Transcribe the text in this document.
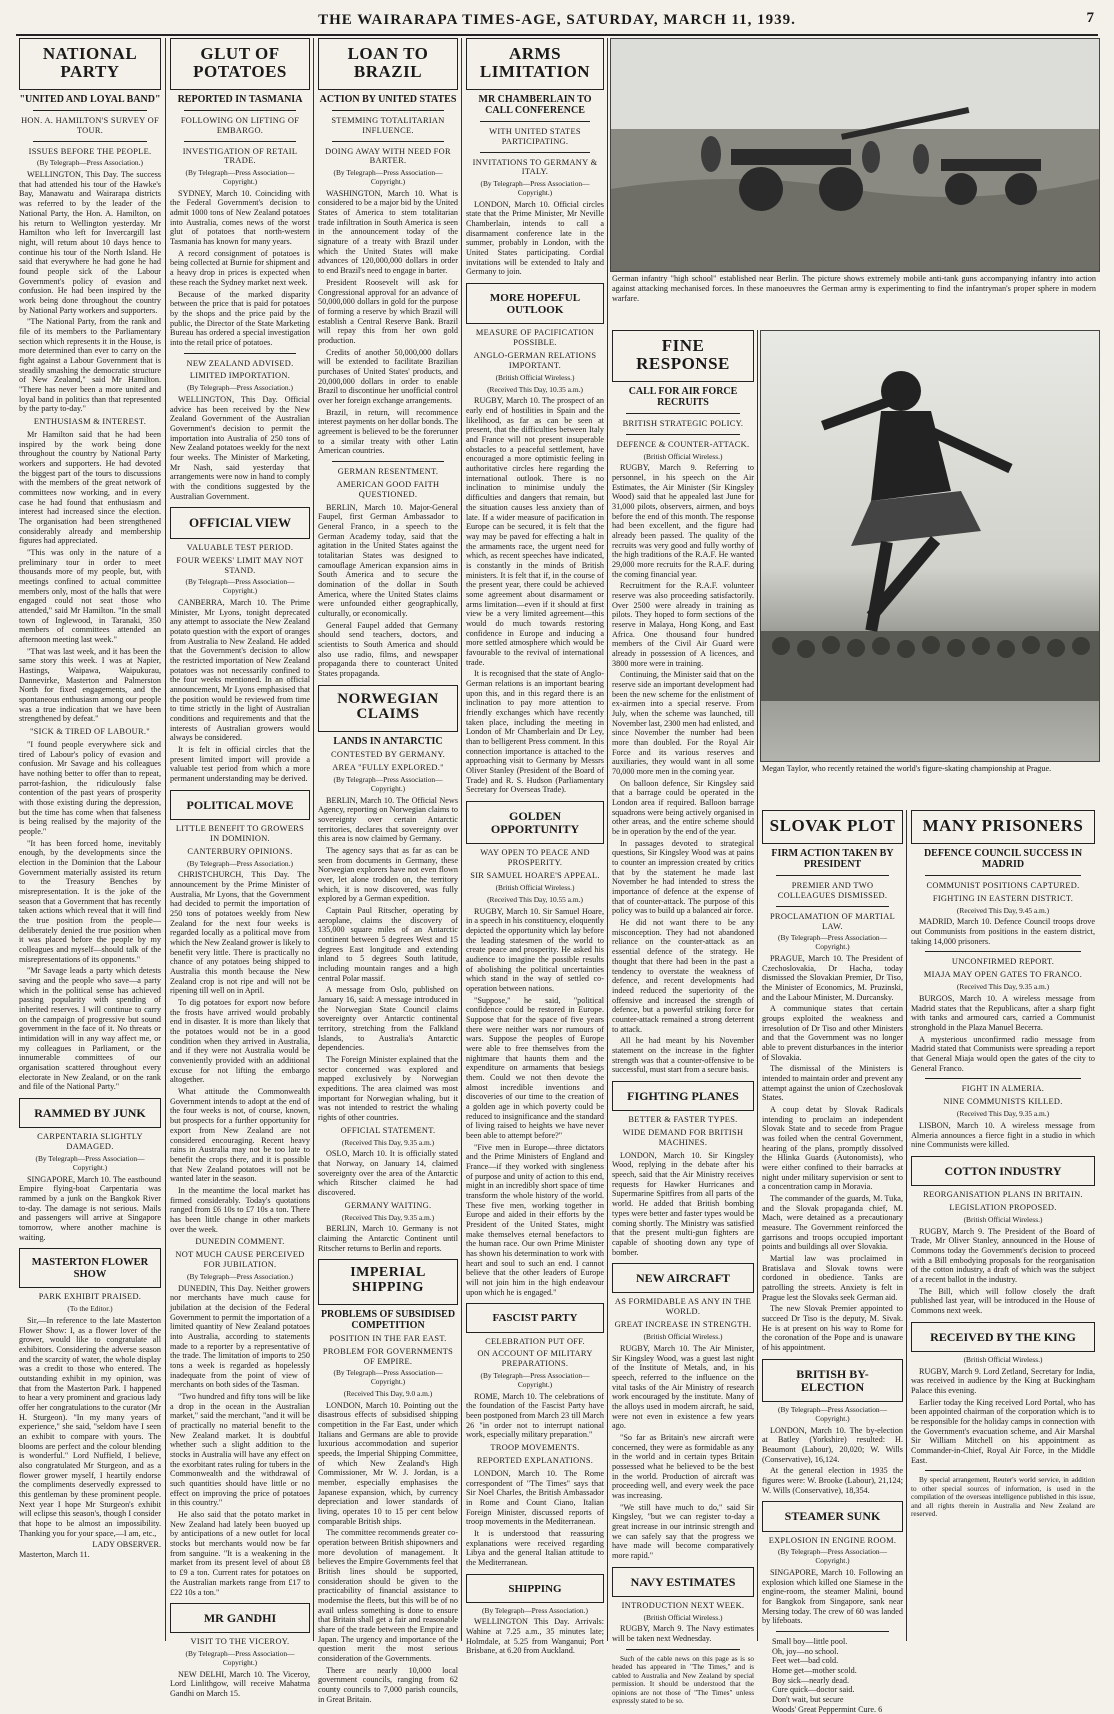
THE WAIRARAPA TIMES-AGE, SATURDAY, MARCH 11, 1939.	7
NATIONAL PARTY
"UNITED AND LOYAL BAND"
HON. A. HAMILTON'S SURVEY OF TOUR.
ISSUES BEFORE THE PEOPLE.
(By Telegraph—Press Association.)

WELLINGTON, This Day. The success that had attended his tour of the Hawke's Bay, Manawatu and Wairarapa districts was referred to by the leader of the National Party, the Hon. A. Hamilton, on his return to Wellington yesterday. Mr Hamilton who left for Invercargill last night, will return about 10 days hence to continue his tour of the North Island. He said that everywhere he had gone he had found people sick of the Labour Government's policy of evasion and confusion. He had been inspired by the work being done throughout the country by National Party workers and supporters.

"The National Party, from the rank and file of its members to the Parliamentary section which represents it in the House, is more determined than ever to carry on the fight against a Labour Government that is steadily smashing the democratic structure of New Zealand," said Mr Hamilton. "There has never been a more united and loyal band in politics than that represented by the party to-day."

ENTHUSIASM & INTEREST.

Mr Hamilton said that he had been inspired by the work being done throughout the country by National Party workers and supporters. He had devoted the biggest part of the tours to discussions with the members of the great network of committees now working, and in every case he had found that enthusiasm and interest had increased since the election. The organisation had been strengthened considerably already and membership figures had appreciated.

"This was only in the nature of a preliminary tour in order to meet thousands more of my people, but, with meetings confined to actual committee members only, most of the halls that were engaged could not seat those who attended," said Mr Hamilton. "In the small town of Inglewood, in Taranaki, 350 members of committees attended an afternoon meeting last week."

"That was last week, and it has been the same story this week. I was at Napier, Hastings, Waipawa, Waipukurau, Dannevirke, Masterton and Palmerston North for fixed engagements, and the spontaneous enthusiasm among our people was a true indication that we have been strengthened by defeat."

"SICK & TIRED OF LABOUR."

"I found people everywhere sick and tired of Labour's policy of evasion and confusion. Mr Savage and his colleagues have nothing better to offer than to repeat, parrot-fashion, the ridiculously false contention of the past years of prosperity with those existing during the depression, but the time has come when that falseness is being realised by the majority of the people."

"It has been forced home, inevitably enough, by the developments since the election in the Dominion that the Labour Government materially assisted its return to the Treasury Benches by misrepresentation. It is the joke of the season that a Government that has recently taken actions which reveal that it will find the true position from the people—deliberately denied the true position when it was placed before the people by my colleagues and myself—should talk of the misrepresentations of its opponents."

"Mr Savage leads a party which detests saving and the people who save—a party which in the political sense has achieved passing popularity with spending of inherited reserves. I will continue to carry on the campaign of progressive but sound government in the face of it. No threats or intimidation will in any way affect me, or my colleagues in Parliament, or the innumerable committees of our organisation scattered throughout every electorate in New Zealand, or on the rank and file of the National Party."

RAMMED BY JUNK
CARPENTARIA SLIGHTLY DAMAGED.
(By Telegraph—Press Association—Copyright.)

SINGAPORE, March 10. The eastbound Empire flying-boat Carpentaria was rammed by a junk on the Bangkok River to-day. The damage is not serious. Mails and passengers will arrive at Singapore tomorrow, where another machine is waiting.

MASTERTON FLOWER SHOW
PARK EXHIBIT PRAISED.
(To the Editor.)

Sir,—In reference to the late Masterton Flower Show: I, as a flower lover of the grower, would like to congratulate all exhibitors. Considering the adverse season and the scarcity of water, the whole display was a credit to those who entered. The outstanding exhibit in my opinion, was that from the Masterton Park. I happened to hear a very prominent and gracious lady offer her congratulations to the curator (Mr H. Sturgeon). "In my many years of experience," she said, "seldom have I seen an exhibit to compare with yours. The blooms are perfect and the colour blending is wonderful." Lord Nuffield, I believe, also congratulated Mr Sturgeon, and as a flower grower myself, I heartily endorse the compliments deservedly expressed to this gentleman by these prominent people. Next year I hope Mr Sturgeon's exhibit will eclipse this season's, though I consider that hope to be almost an impossibility. Thanking you for your space,—I am, etc.,

LADY OBSERVER.
Masterton, March 11.
GLUT OF POTATOES
REPORTED IN TASMANIA
FOLLOWING ON LIFTING OF EMBARGO.
INVESTIGATION OF RETAIL TRADE.
(By Telegraph—Press Association—Copyright.)

SYDNEY, March 10. Coinciding with the Federal Government's decision to admit 1000 tons of New Zealand potatoes into Australia, comes news of the worst glut of potatoes that north-western Tasmania has known for many years.

A record consignment of potatoes is being collected at Burnie for shipment and a heavy drop in prices is expected when these reach the Sydney market next week.

Because of the marked disparity between the price that is paid for potatoes by the shops and the price paid by the public, the Director of the State Marketing Bureau has ordered a special investigation into the retail price of potatoes.

NEW ZEALAND ADVISED.
LIMITED IMPORTATION.
(By Telegraph—Press Association.)

WELLINGTON, This Day. Official advice has been received by the New Zealand Government of the Australian Government's decision to permit the importation into Australia of 250 tons of New Zealand potatoes weekly for the next four weeks. The Minister of Marketing, Mr Nash, said yesterday that arrangements were now in hand to comply with the conditions suggested by the Australian Government.

OFFICIAL VIEW
VALUABLE TEST PERIOD.
FOUR WEEKS' LIMIT MAY NOT STAND.
(By Telegraph—Press Association—Copyright.)

CANBERRA, March 10. The Prime Minister, Mr Lyons, tonight deprecated any attempt to associate the New Zealand potato question with the export of oranges from Australia to New Zealand. He added that the Government's decision to allow the restricted importation of New Zealand potatoes was not necessarily confined to the four weeks mentioned. In an official announcement, Mr Lyons emphasised that the position would be reviewed from time to time strictly in the light of Australian conditions and requirements and that the interests of Australian growers would always be considered.

It is felt in official circles that the present limited import will provide a valuable test period from which a more permanent understanding may be derived.

POLITICAL MOVE
LITTLE BENEFIT TO GROWERS IN DOMINION.
CANTERBURY OPINIONS.
(By Telegraph—Press Association.)

CHRISTCHURCH, This Day. The announcement by the Prime Minister of Australia, Mr Lyons, that the Government had decided to permit the importation of 250 tons of potatoes weekly from New Zealand for the next four weeks is regarded locally as a political move from which the New Zealand grower is likely to benefit very little. There is practically no chance of any potatoes being shipped to Australia this month because the New Zealand crop is not ripe and will not be ripening till well on in April.

To dig potatoes for export now before the frosts have arrived would probably end in disaster. It is more than likely that the potatoes would not be in a good condition when they arrived in Australia, and if they were not Australia would be conveniently provided with an additional excuse for not lifting the embargo altogether.

What attitude the Commonwealth Government intends to adopt at the end of the four weeks is not, of course, known, but prospects for a further opportunity for export from New Zealand are not considered encouraging. Recent heavy rains in Australia may not be too late to benefit the crops there, and it is possible that New Zealand potatoes will not be wanted later in the season.

In the meantime the local market has firmed considerably. Today's quotations ranged from £6 10s to £7 10s a ton. There has been little change in other markets over the week.

DUNEDIN COMMENT.
NOT MUCH CAUSE PERCEIVED FOR JUBILATION.
(By Telegraph—Press Association.)

DUNEDIN, This Day. Neither growers nor merchants have much cause for jubilation at the decision of the Federal Government to permit the importation of a limited quantity of New Zealand potatoes into Australia, according to statements made to a reporter by a representative of the trade. The limitation of imports to 250 tons a week is regarded as hopelessly inadequate from the point of view of merchants on both sides of the Tasman.

"Two hundred and fifty tons will be like a drop in the ocean in the Australian market," said the merchant, "and it will be of practically no material benefit to the New Zealand market. It is doubtful whether such a slight addition to the stocks in Australia will have any effect on the exorbitant rates ruling for tubers in the Commonwealth and the withdrawal of such quantities should have little or no effect on improving the price of potatoes in this country."

He also said that the potato market in New Zealand had lately been buoyed up by anticipations of a new outlet for local stocks but merchants would now be far from sanguine. "It is a weakening in the market from its present level of about £8 to £9 a ton. Current rates for potatoes on the Australian markets range from £17 to £22 10s a ton."

MR GANDHI
VISIT TO THE VICEROY.
(By Telegraph—Press Association—Copyright.)

NEW DELHI, March 10. The Viceroy, Lord Linlithgow, will receive Mahatma Gandhi on March 15.

LOAN TO BRAZIL
ACTION BY UNITED STATES
STEMMING TOTALITARIAN INFLUENCE.
DOING AWAY WITH NEED FOR BARTER.
(By Telegraph—Press Association—Copyright.)

WASHINGTON, March 10. What is considered to be a major bid by the United States of America to stem totalitarian trade infiltration in South America is seen in the announcement today of the signature of a treaty with Brazil under which the United States will make advances of 120,000,000 dollars in order to end Brazil's need to engage in barter.

President Roosevelt will ask for Congressional approval for an advance of 50,000,000 dollars in gold for the purpose of forming a reserve by which Brazil will establish a Central Reserve Bank. Brazil will repay this from her own gold production.

Credits of another 50,000,000 dollars will be extended to facilitate Brazilian purchases of United States' products, and 20,000,000 dollars in order to enable Brazil to discontinue her unofficial control over her foreign exchange arrangements.

Brazil, in return, will recommence interest payments on her dollar bonds. The agreement is believed to be the forerunner to a similar treaty with other Latin American countries.

GERMAN RESENTMENT.
AMERICAN GOOD FAITH QUESTIONED.

BERLIN, March 10. Major-General Faupel, first German Ambassador to General Franco, in a speech to the German Academy today, said that the agitation in the United States against the totalitarian States was designed to camouflage American expansion aims in South America and to secure the domination of the dollar in South America, where the United States claims were unfounded either geographically, culturally, or economically.

General Faupel added that Germany should send teachers, doctors, and scientists to South America and should also use radio, films, and newspaper propaganda there to counteract United States propaganda.

NORWEGIAN CLAIMS
LANDS IN ANTARCTIC
CONTESTED BY GERMANY.
AREA "FULLY EXPLORED."
(By Telegraph—Press Association—Copyright.)

BERLIN, March 10. The Official News Agency, reporting on Norwegian claims to sovereignty over certain Antarctic territories, declares that sovereignty over this area is now claimed by Germany.

The agency says that as far as can be seen from documents in Germany, these Norwegian explorers have not even flown over, let alone trodden on, the territory which, it is now discovered, was fully explored by a German expedition.

Captain Paul Ritscher, operating by aeroplane, claims the discovery of 135,000 square miles of an Antarctic continent between 5 degrees West and 15 degrees East longitude and extending inland to 5 degrees South latitude, including mountain ranges and a high central Polar massif.

A message from Oslo, published on January 16, said: A message introduced in the Norwegian State Council claims sovereignty over Antarctic continental territory, stretching from the Falkland Islands, to Australia's Antarctic dependencies.

The Foreign Minister explained that the sector concerned was explored and mapped exclusively by Norwegian expeditions. The area claimed was most important for Norwegian whaling, but it was not intended to restrict the whaling rights of other countries.

OFFICIAL STATEMENT.
(Received This Day, 9.35 a.m.)

OSLO, March 10. It is officially stated that Norway, on January 14, claimed sovereignty over the area of the Antarctic which Ritscher claimed he had discovered.

GERMANY WAITING.
(Received This Day, 9.35 a.m.)

BERLIN, March 10. Germany is not claiming the Antarctic Continent until Ritscher returns to Berlin and reports.

IMPERIAL SHIPPING
PROBLEMS OF SUBSIDISED COMPETITION
POSITION IN THE FAR EAST.
PROBLEM FOR GOVERNMENTS OF EMPIRE.
(By Telegraph—Press Association—Copyright.)
(Received This Day, 9.0 a.m.)

LONDON, March 10. Pointing out the disastrous effects of subsidised shipping competition in the Far East, under which Italians and Germans are able to provide luxurious accommodation and superior speeds, the Imperial Shipping Committee, of which New Zealand's High Commissioner, Mr W. J. Jordan, is a member, especially emphasises the Japanese expansion, which, by currency depreciation and lower standards of living, operates 10 to 15 per cent below comparable British ships.

The committee recommends greater co-operation between British shipowners and more devolution of management. It believes the Empire Governments feel that British lines should be supported, consideration should be given to the practicability of financial assistance to modernise the fleets, but this will be of no avail unless something is done to ensure that Britain shall get a fair and reasonable share of the trade between the Empire and Japan. The urgency and importance of the question merit the most serious consideration of the Governments.

There are nearly 10,000 local government councils, ranging from 62 county councils to 7,000 parish councils, in Great Britain.

ARMS LIMITATION
MR CHAMBERLAIN TO CALL CONFERENCE
WITH UNITED STATES PARTICIPATING.
INVITATIONS TO GERMANY & ITALY.
(By Telegraph—Press Association—Copyright.)

LONDON, March 10. Official circles state that the Prime Minister, Mr Neville Chamberlain, intends to call a disarmament conference late in the summer, probably in London, with the United States participating. Cordial invitations will be extended to Italy and Germany to join.

MORE HOPEFUL OUTLOOK
MEASURE OF PACIFICATION POSSIBLE.
ANGLO-GERMAN RELATIONS IMPORTANT.
(British Official Wireless.)
(Received This Day, 10.35 a.m.)

RUGBY, March 10. The prospect of an early end of hostilities in Spain and the likelihood, as far as can be seen at present, that the difficulties between Italy and France will not present insuperable obstacles to a peaceful settlement, have encouraged a more optimistic feeling in authoritative circles here regarding the international outlook. There is no inclination to minimise unduly the difficulties and dangers that remain, but the situation causes less anxiety than of late. If a wider measure of pacification in Europe can be secured, it is felt that the way may be paved for effecting a halt in the armaments race, the urgent need for which, as recent speeches have indicated, is constantly in the minds of British ministers. It is felt that if, in the course of the present year, there could be achieved some agreement about disarmament or arms limitation—even if it should at first view be a very limited agreement—this would do much towards restoring confidence in Europe and inducing a more settled atmosphere which would be favourable to the revival of international trade.

It is recognised that the state of Anglo-German relations is an important bearing upon this, and in this regard there is an inclination to pay more attention to friendly exchanges which have recently taken place, including the meeting in London of Mr Chamberlain and Dr Ley, than to belligerent Press comment. In this connection importance is attached to the approaching visit to Germany by Messrs Oliver Stanley (President of the Board of Trade) and R. S. Hudson (Parliamentary Secretary for Overseas Trade).

GOLDEN OPPORTUNITY
WAY OPEN TO PEACE AND PROSPERITY.
SIR SAMUEL HOARE'S APPEAL.
(British Official Wireless.)
(Received This Day, 10.55 a.m.)

RUGBY, March 10. Sir Samuel Hoare, in a speech in his constituency, eloquently depicted the opportunity which lay before the leading statesmen of the world to create peace and prosperity. He asked his audience to imagine the possible results of abolishing the political uncertainties which stand in the way of settled co-operation between nations.

"Suppose," he said, "political confidence could be restored in Europe. Suppose that for the space of five years there were neither wars nor rumours of wars. Suppose the peoples of Europe were able to free themselves from the nightmare that haunts them and the expenditure on armaments that besiegs them. Could we not then devote the almost incredible inventions and discoveries of our time to the creation of a golden age in which poverty could be reduced to insignificance and the standard of living raised to heights we have never been able to attempt before?"

"Five men in Europe—three dictators and the Prime Ministers of England and France—if they worked with singleness of purpose and unity of action to this end, might in an incredibly short space of time transform the whole history of the world. These five men, working together in Europe and aided in their efforts by the President of the United States, might make themselves eternal benefactors to the human race. Our own Prime Minister has shown his determination to work with heart and soul to such an end. I cannot believe that the other leaders of Europe will not join him in the high endeavour upon which he is engaged."

FASCIST PARTY
CELEBRATION PUT OFF.
ON ACCOUNT OF MILITARY PREPARATIONS.
(By Telegraph—Press Association—Copyright.)

ROME, March 10. The celebrations of the foundation of the Fascist Party have been postponed from March 23 till March 26 "in order not to interrupt national work, especially military preparation."

TROOP MOVEMENTS.
REPORTED EXPLANATIONS.

LONDON, March 10. The Rome correspondent of "The Times" says that Sir Noel Charles, the British Ambassador in Rome and Count Ciano, Italian Foreign Minister, discussed reports of troop movements in the Mediterranean.

It is understood that reassuring explanations were received regarding Libya and the general Italian attitude to the Mediterranean.

SHIPPING
(By Telegraph—Press Association.)

WELLINGTON This Day. Arrivals: Wahine at 7.25 a.m., 35 minutes late; Holmdale, at 5.25 from Wanganui; Port Brisbane, at 6.20 from Auckland.

German infantry "high school" established near Berlin. The picture shows extremely mobile anti-tank guns accompanying infantry into action against attacking mechanised forces. In these manoeuvres the German army is experimenting to find the infantryman's proper sphere in modern warfare.
FINE RESPONSE
CALL FOR AIR FORCE RECRUITS
BRITISH STRATEGIC POLICY.
DEFENCE & COUNTER-ATTACK.
(British Official Wireless.)

RUGBY, March 9. Referring to personnel, in his speech on the Air Estimates, the Air Minister (Sir Kingsley Wood) said that he appealed last June for 31,000 pilots, observers, airmen, and boys before the end of this month. The response had been excellent, and the figure had already been passed. The quality of the recruits was very good and fully worthy of the high traditions of the R.A.F. He wanted 29,000 more recruits for the R.A.F. during the coming financial year.

Recruitment for the R.A.F. volunteer reserve was also proceeding satisfactorily. Over 2500 were already in training as pilots. They hoped to form sections of the reserve in Malaya, Hong Kong, and East Africa. One thousand four hundred members of the Civil Air Guard were already in possession of A licences, and 3800 more were in training.

Continuing, the Minister said that on the reserve side an important development had been the new scheme for the enlistment of ex-airmen into a special reserve. From July, when the scheme was launched, till November last, 2300 men had enlisted, and since November the number had been more than doubled. For the Royal Air Force and its various reserves and auxiliaries, they would want in all some 70,000 more men in the coming year.

On balloon defence, Sir Kingsley said that a barrage could be operated in the London area if required. Balloon barrage squadrons were being actively organised in other areas, and the entire scheme should be in operation by the end of the year.

In passages devoted to strategical questions, Sir Kingsley Wood was at pains to counter an impression created by critics that by the statement he made last November he had intended to stress the importance of defence at the expense of that of counter-attack. The purpose of this policy was to build up a balanced air force.

He did not want there to be any misconception. They had not abandoned reliance on the counter-attack as an essential defence of the strategy. He thought that there had been in the past a tendency to overstate the weakness of defence, and recent developments had indeed reduced the superiority of the offensive and increased the strength of defence, but a powerful striking force for counter-attack remained a strong deterrent to attack.

All he had meant by his November statement on the increase in the fighter strength was that a counter-offensive to be successful, must start from a secure basis.

FIGHTING PLANES
BETTER & FASTER TYPES.
WIDE DEMAND FOR BRITISH MACHINES.

LONDON, March 10. Sir Kingsley Wood, replying in the debate after his speech, said that the Air Ministry receives requests for Hawker Hurricanes and Supermarine Spitfires from all parts of the world. He added that British bombing types were better and faster types would be coming shortly. The Ministry was satisfied that the present multi-gun fighters are capable of shooting down any type of bomber.

NEW AIRCRAFT
AS FORMIDABLE AS ANY IN THE WORLD.
GREAT INCREASE IN STRENGTH.
(British Official Wireless.)

RUGBY, March 10. The Air Minister, Sir Kingsley Wood, was a guest last night of the Institute of Metals, and, in his speech, referred to the influence on the vital tasks of the Air Ministry of research work encouraged by the institute. Many of the alloys used in modern aircraft, he said, were not even in existence a few years ago.

"So far as Britain's new aircraft were concerned, they were as formidable as any in the world and in certain types Britain possessed what he believed to be the best in the world. Production of aircraft was proceeding well, and every week the pace was increasing.

"We still have much to do," said Sir Kingsley, "but we can register to-day a great increase in our intrinsic strength and we can safely say that the progress we have made will become comparatively more rapid."

NAVY ESTIMATES
INTRODUCTION NEXT WEEK.
(British Official Wireless.)

RUGBY, March 9. The Navy estimates will be taken next Wednesday.

Such of the cable news on this page as is so headed has appeared in "The Times," and is cabled to Australia and New Zealand by special permission. It should be understood that the opinions are not those of "The Times" unless expressly stated to be so.

Megan Taylor, who recently retained the world's figure-skating championship at Prague.
SLOVAK PLOT
FIRM ACTION TAKEN BY PRESIDENT
PREMIER AND TWO COLLEAGUES DISMISSED.
PROCLAMATION OF MARTIAL LAW.
(By Telegraph—Press Association—Copyright.)

PRAGUE, March 10. The President of Czechoslovakia, Dr Hacha, today dismissed the Slovakian Premier, Dr Tiso, the Minister of Economics, M. Pruzinski, and the Labour Minister, M. Durcansky.

A communique states that certain groups exploited the weakness and irresolution of Dr Tiso and other Ministers and that the Government was no longer able to prevent disturbances in the interior of Slovakia.

The dismissal of the Ministers is intended to maintain order and prevent any attempt against the union of Czechoslovak States.

A coup detat by Slovak Radicals intending to proclaim an independent Slovak State and to secede from Prague was foiled when the central Government, hearing of the plans, promptly dissolved the Hlinka Guards (Autonomists), who were either confined to their barracks at night under military supervision or sent to a concentration camp in Moravia.

The commander of the guards, M. Tuka, and the Slovak propaganda chief, M. Mach, were detained as a precautionary measure. The Government reinforced the garrisons and troops occupied important points and buildings all over Slovakia.

Martial law was proclaimed in Bratislava and Slovak towns were cordoned in obedience. Tanks are patrolling the streets. Anxiety is felt in Prague lest the Slovaks seek German aid.

The new Slovak Premier appointed to succeed Dr Tiso is the deputy, M. Sivak. He is at present on his way to Rome for the coronation of the Pope and is unaware of his appointment.

BRITISH BY-ELECTION
(By Telegraph—Press Association—Copyright.)

LONDON, March 10. The by-election at Batley (Yorkshire) resulted: H. Beaumont (Labour), 20,020; W. Wills (Conservative), 16,124.

At the general election in 1935 the figures were: W. Brooke (Labour), 21,124; W. Wills (Conservative), 18,354.

STEAMER SUNK
EXPLOSION IN ENGINE ROOM.
(By Telegraph—Press Association—Copyright.)

SINGAPORE, March 10. Following an explosion which killed one Siamese in the engine-room, the steamer Malini, bound for Bangkok from Singapore, sank near Mersing today. The crew of 60 was landed by lifeboats.

Small boy—little pool.
Oh, joy—no school.
Feet wet—bad cold.
Home get—mother scold.
Boy sick—nearly dead.
Cure quick—doctor said.
Don't wait, but secure
Woods' Great Peppermint Cure. 6
MANY PRISONERS
DEFENCE COUNCIL SUCCESS IN MADRID
COMMUNIST POSITIONS CAPTURED.
FIGHTING IN EASTERN DISTRICT.
(Received This Day, 9.45 a.m.)

MADRID, March 10. Defence Council troops drove out Communists from positions in the eastern district, taking 14,000 prisoners.

UNCONFIRMED REPORT.
MIAJA MAY OPEN GATES TO FRANCO.
(Received This Day, 9.35 a.m.)

BURGOS, March 10. A wireless message from Madrid states that the Republicans, after a sharp fight with tanks and armoured cars, carried a Communist stronghold in the Plaza Manuel Becerra.

A mysterious unconfirmed radio message from Madrid stated that Communists were spreading a report that General Miaja would open the gates of the city to General Franco.

FIGHT IN ALMERIA.
NINE COMMUNISTS KILLED.
(Received This Day, 9.35 a.m.)

LISBON, March 10. A wireless message from Almeria announces a fierce fight in a studio in which nine Communists were killed.

COTTON INDUSTRY
REORGANISATION PLANS IN BRITAIN.
LEGISLATION PROPOSED.
(British Official Wireless.)

RUGBY, March 9. The President of the Board of Trade, Mr Oliver Stanley, announced in the House of Commons today the Government's decision to proceed with a Bill embodying proposals for the reorganisation of the cotton industry, a draft of which was the subject of a recent ballot in the industry.

The Bill, which will follow closely the draft published last year, will be introduced in the House of Commons next week.

RECEIVED BY THE KING
(British Official Wireless.)

RUGBY, March 9. Lord Zetland, Secretary for India, was received in audience by the King at Buckingham Palace this evening.

Earlier today the King received Lord Portal, who has been appointed chairman of the corporation which is to be responsible for the holiday camps in connection with the Government's evacuation scheme, and Air Marshal Sir William Mitchell on his appointment as Commander-in-Chief, Royal Air Force, in the Middle East.

By special arrangement, Reuter's world service, in addition to other special sources of information, is used in the compilation of the overseas intelligence published in this issue, and all rights therein in Australia and New Zealand are reserved.
